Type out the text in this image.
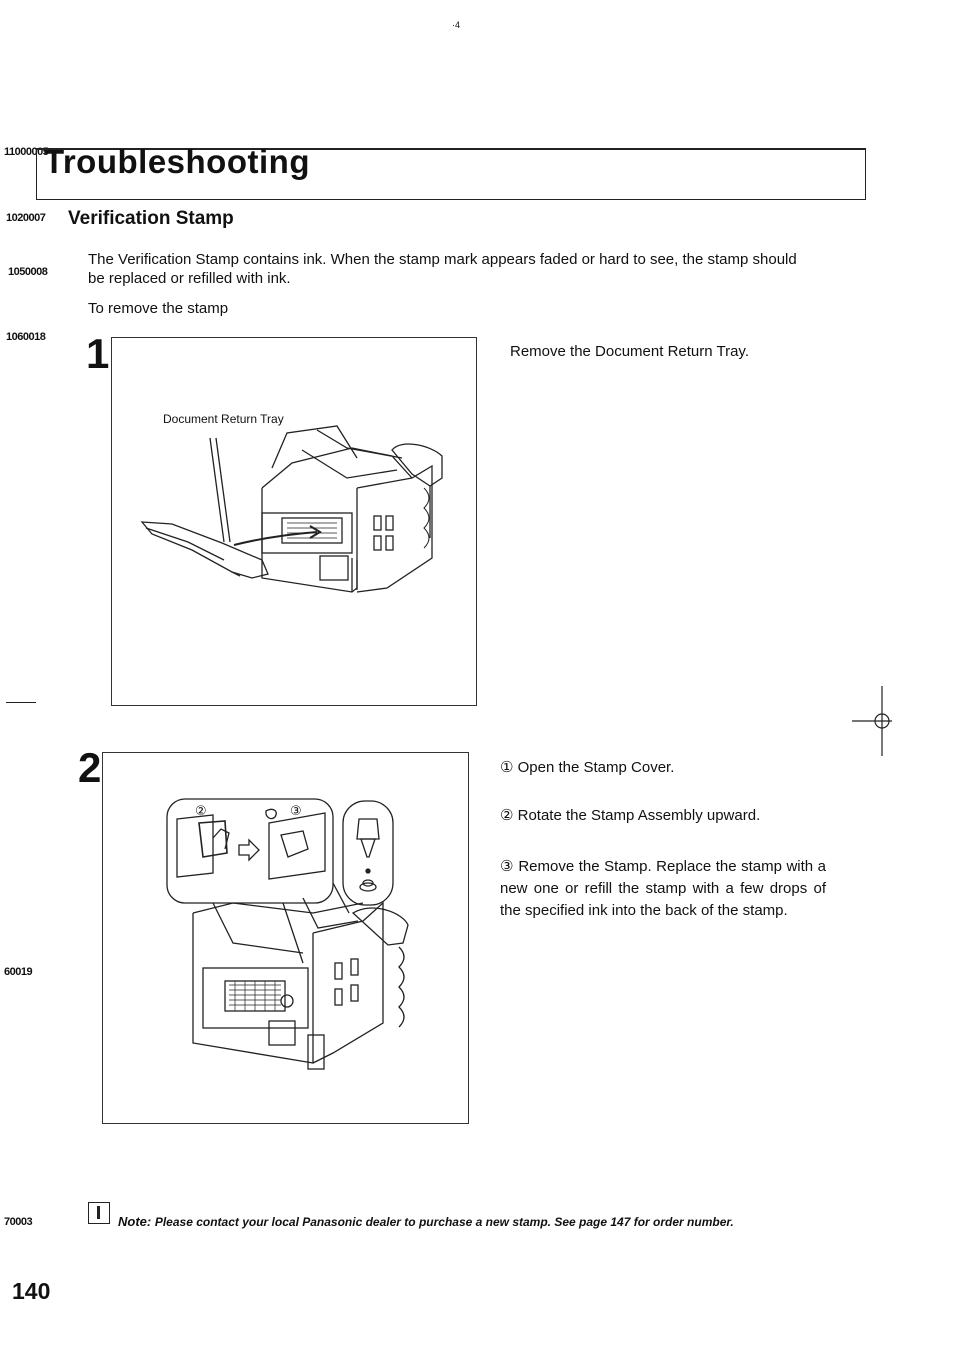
·4
11000005
Troubleshooting
1020007 Verification Stamp
1050008
The Verification Stamp contains ink. When the stamp mark appears faded or hard to see, the stamp should
be replaced or refilled with ink.
To remove the stamp
1060018 1
Document Return Tray
Remove the Document Return Tray.
2
②	③
① Open the Stamp Cover.
② Rotate the Stamp Assembly upward.
③ Remove the Stamp. Replace the stamp with a new one or refill the stamp with a few drops of the specified ink into the back of the stamp.
60019
70003	Note: Please contact your local Panasonic dealer to purchase a new stamp. See page 147 for order number.
140
